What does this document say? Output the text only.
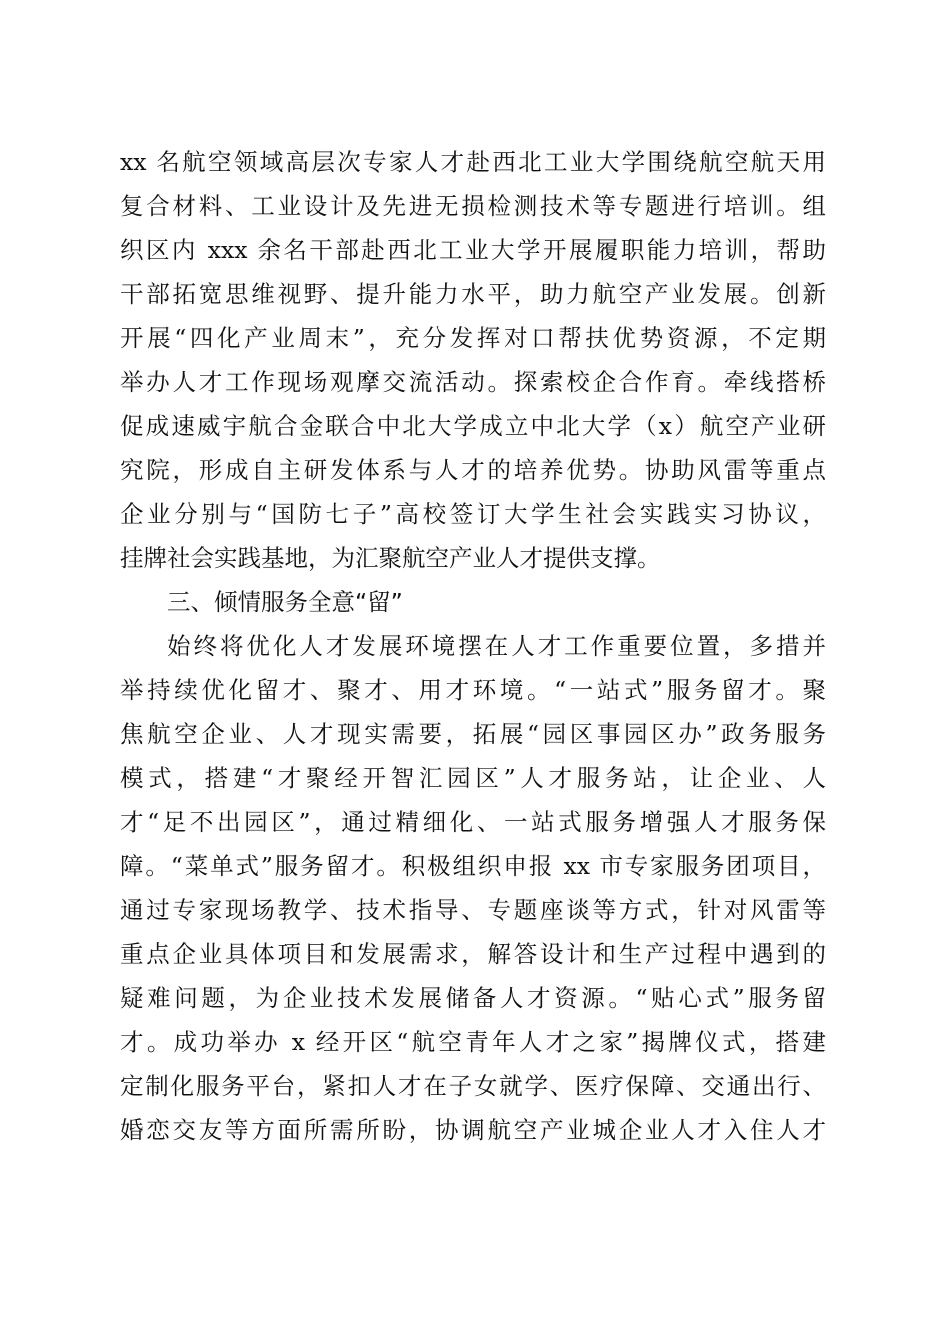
xx 名航空领域高层次专家人才赴西北工业大学围绕航空航天用
复合材料、工业设计及先进无损检测技术等专题进行培训。组
织区内 xxx 余名干部赴西北工业大学开展履职能力培训，帮助
干部拓宽思维视野、提升能力水平，助力航空产业发展。创新
开展“四化产业周末”，充分发挥对口帮扶优势资源，不定期
举办人才工作现场观摩交流活动。探索校企合作育。牵线搭桥
促成速威宇航合金联合中北大学成立中北大学（x）航空产业研
究院，形成自主研发体系与人才的培养优势。协助风雷等重点
企业分别与“国防七子”高校签订大学生社会实践实习协议，
挂牌社会实践基地，为汇聚航空产业人才提供支撑。
三、倾情服务全意“留”
始终将优化人才发展环境摆在人才工作重要位置，多措并
举持续优化留才、聚才、用才环境。“一站式”服务留才。聚
焦航空企业、人才现实需要，拓展“园区事园区办”政务服务
模式，搭建“才聚经开智汇园区”人才服务站，让企业、人
才“足不出园区”，通过精细化、一站式服务增强人才服务保
障。“菜单式”服务留才。积极组织申报 xx 市专家服务团项目，
通过专家现场教学、技术指导、专题座谈等方式，针对风雷等
重点企业具体项目和发展需求，解答设计和生产过程中遇到的
疑难问题，为企业技术发展储备人才资源。“贴心式”服务留
才。成功举办 x 经开区“航空青年人才之家”揭牌仪式，搭建
定制化服务平台，紧扣人才在子女就学、医疗保障、交通出行、
婚恋交友等方面所需所盼，协调航空产业城企业人才入住人才
